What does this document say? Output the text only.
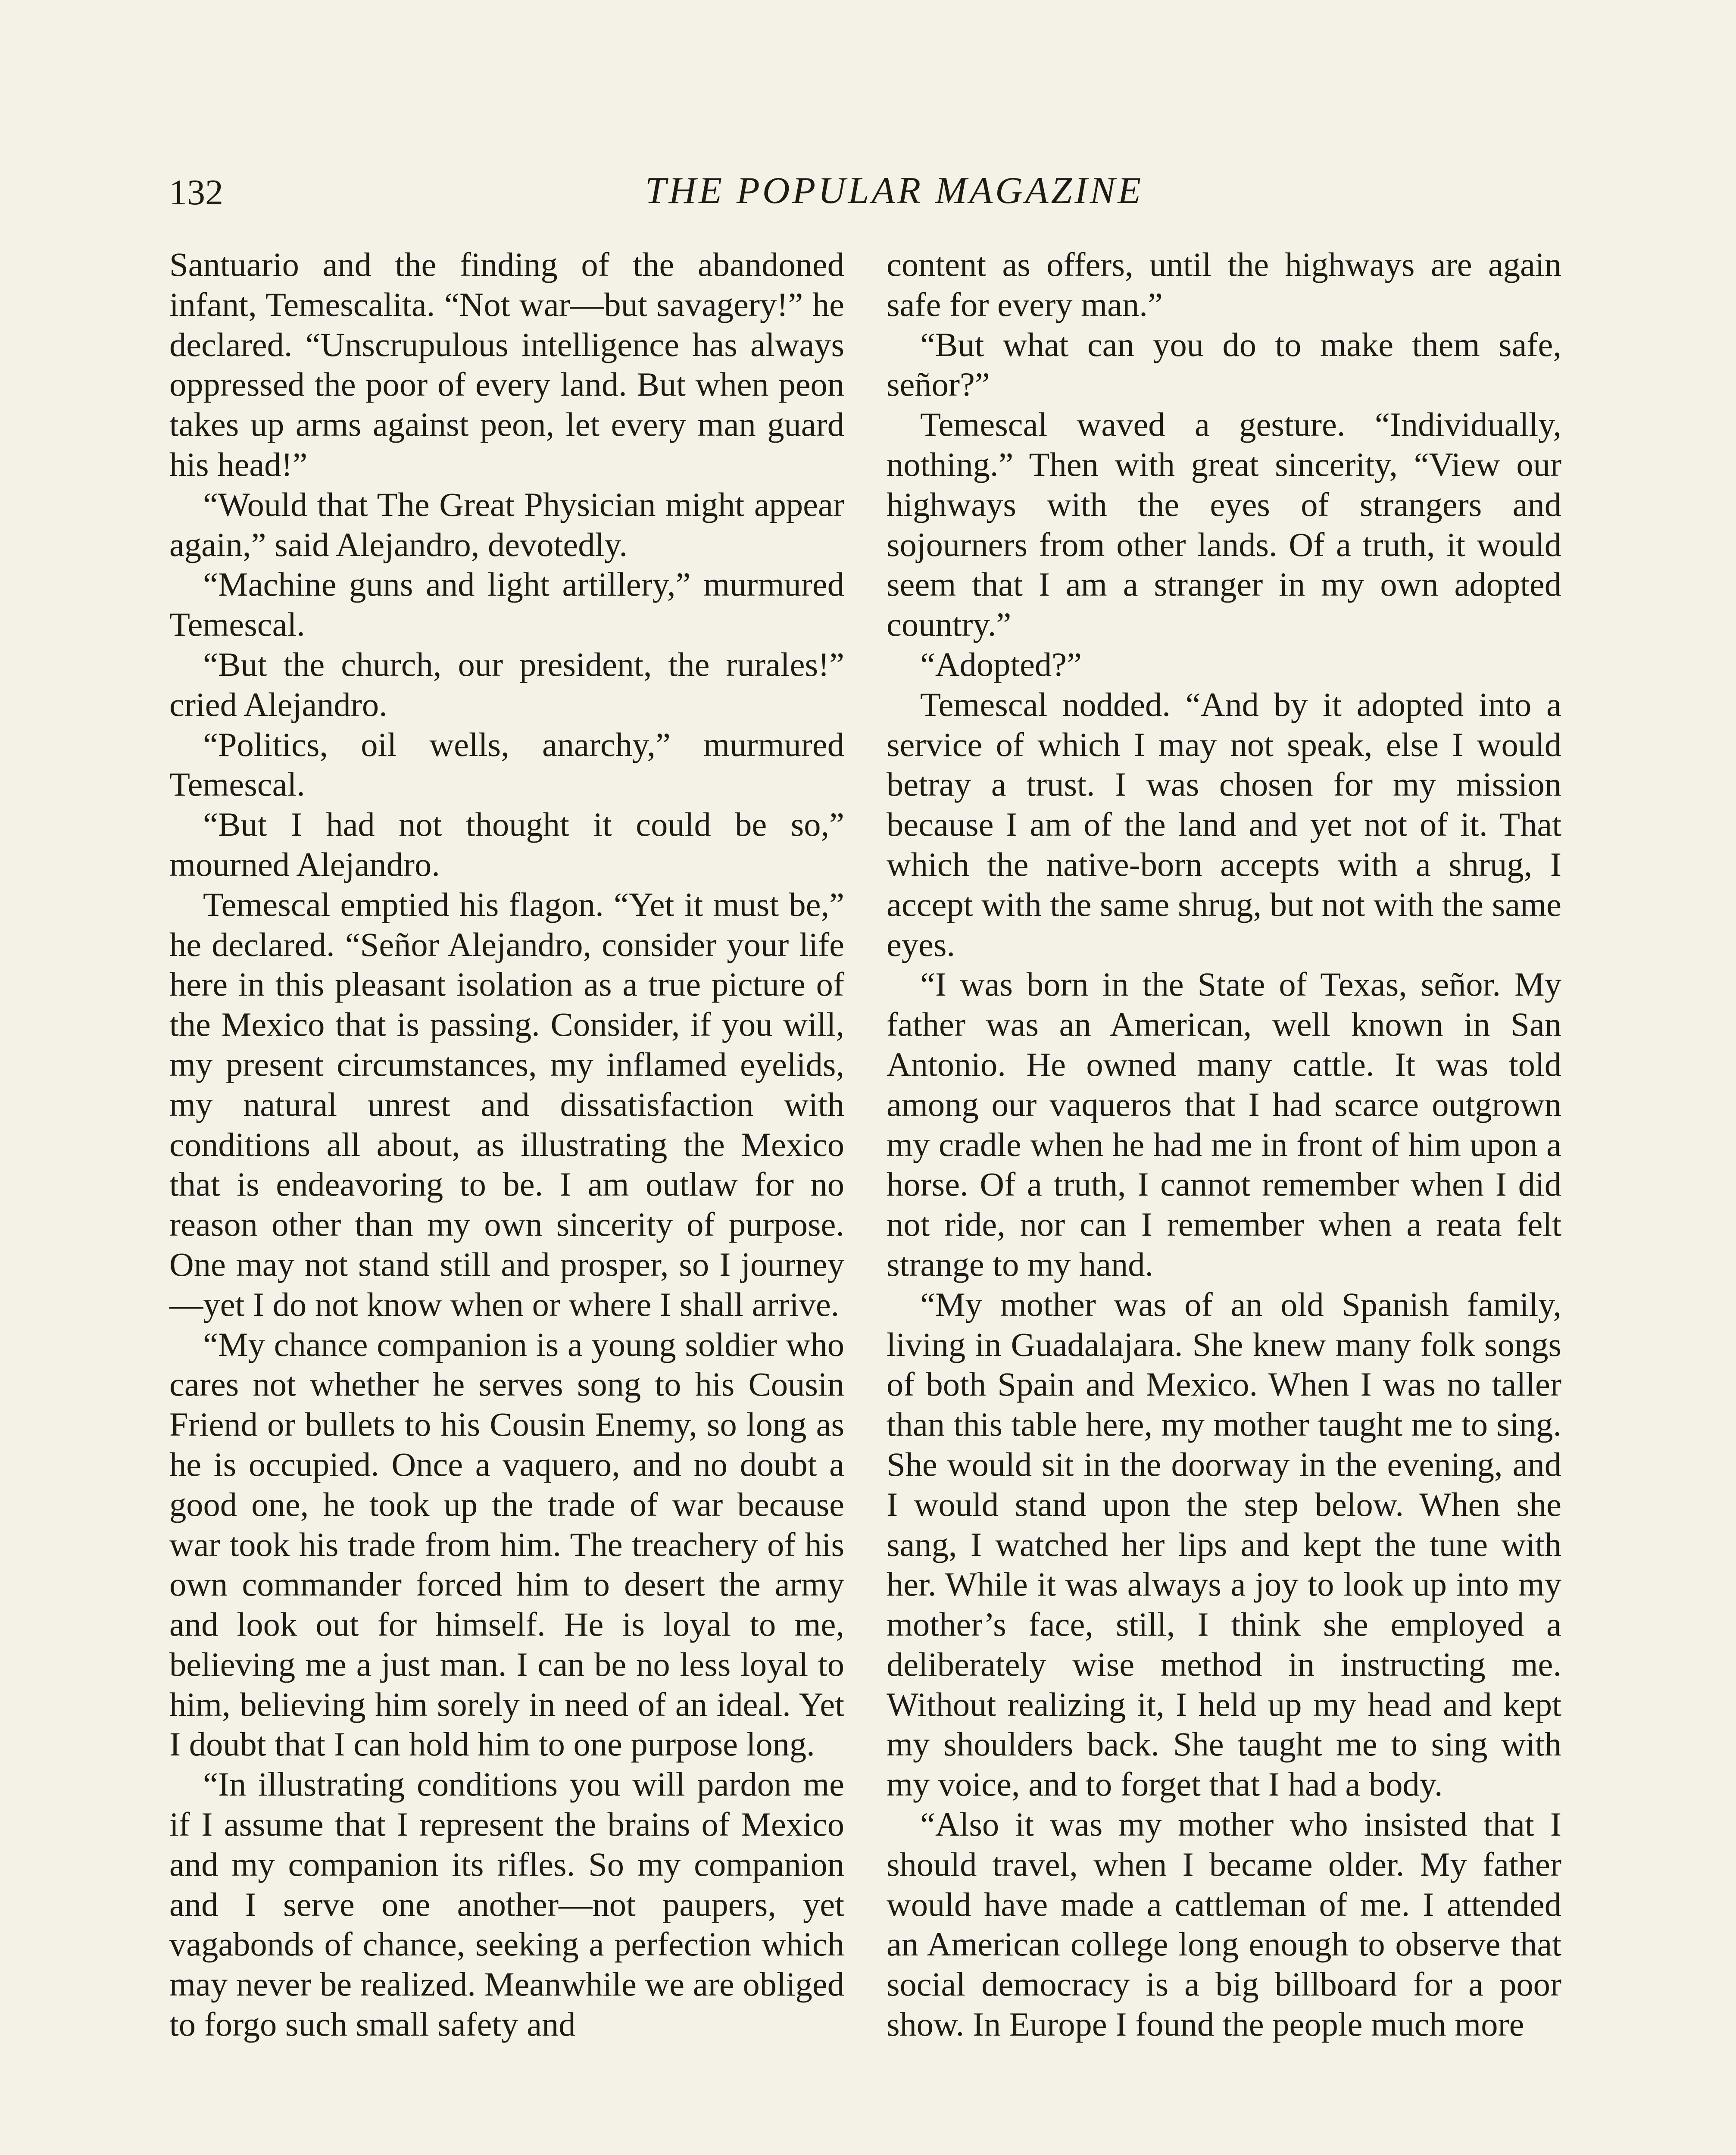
132	THE POPULAR MAGAZINE

Santuario and the finding of the abandoned infant, Temescalita. “Not war—but savagery!” he declared. “Unscrupulous intelligence has always oppressed the poor of every land. But when peon takes up arms against peon, let every man guard his head!”

“Would that The Great Physician might appear again,” said Alejandro, devotedly.

“Machine guns and light artillery,” murmured Temescal.

“But the church, our president, the rurales!” cried Alejandro.

“Politics, oil wells, anarchy,” murmured Temescal.

“But I had not thought it could be so,” mourned Alejandro.

Temescal emptied his flagon. “Yet it must be,” he declared. “Señor Alejandro, consider your life here in this pleasant isolation as a true picture of the Mexico that is passing. Consider, if you will, my present circumstances, my inflamed eyelids, my natural unrest and dissatisfaction with conditions all about, as illustrating the Mexico that is endeavoring to be. I am outlaw for no reason other than my own sincerity of purpose. One may not stand still and prosper, so I journey—yet I do not know when or where I shall arrive.

“My chance companion is a young soldier who cares not whether he serves song to his Cousin Friend or bullets to his Cousin Enemy, so long as he is occupied. Once a vaquero, and no doubt a good one, he took up the trade of war because war took his trade from him. The treachery of his own commander forced him to desert the army and look out for himself. He is loyal to me, believing me a just man. I can be no less loyal to him, believing him sorely in need of an ideal. Yet I doubt that I can hold him to one purpose long.

“In illustrating conditions you will pardon me if I assume that I represent the brains of Mexico and my companion its rifles. So my companion and I serve one another—not paupers, yet vagabonds of chance, seeking a perfection which may never be realized. Meanwhile we are obliged to forgo such small safety and

content as offers, until the highways are again safe for every man.”

“But what can you do to make them safe, señor?”

Temescal waved a gesture. “Individually, nothing.” Then with great sincerity, “View our highways with the eyes of strangers and sojourners from other lands. Of a truth, it would seem that I am a stranger in my own adopted country.”

“Adopted?”

Temescal nodded. “And by it adopted into a service of which I may not speak, else I would betray a trust. I was chosen for my mission because I am of the land and yet not of it. That which the native-born accepts with a shrug, I accept with the same shrug, but not with the same eyes.

“I was born in the State of Texas, señor. My father was an American, well known in San Antonio. He owned many cattle. It was told among our vaqueros that I had scarce outgrown my cradle when he had me in front of him upon a horse. Of a truth, I cannot remember when I did not ride, nor can I remember when a reata felt strange to my hand.

“My mother was of an old Spanish family, living in Guadalajara. She knew many folk songs of both Spain and Mexico. When I was no taller than this table here, my mother taught me to sing. She would sit in the doorway in the evening, and I would stand upon the step below. When she sang, I watched her lips and kept the tune with her. While it was always a joy to look up into my mother’s face, still, I think she employed a deliberately wise method in instructing me. Without realizing it, I held up my head and kept my shoulders back. She taught me to sing with my voice, and to forget that I had a body.

“Also it was my mother who insisted that I should travel, when I became older. My father would have made a cattleman of me. I attended an American college long enough to observe that social democracy is a big billboard for a poor show. In Europe I found the people much more
